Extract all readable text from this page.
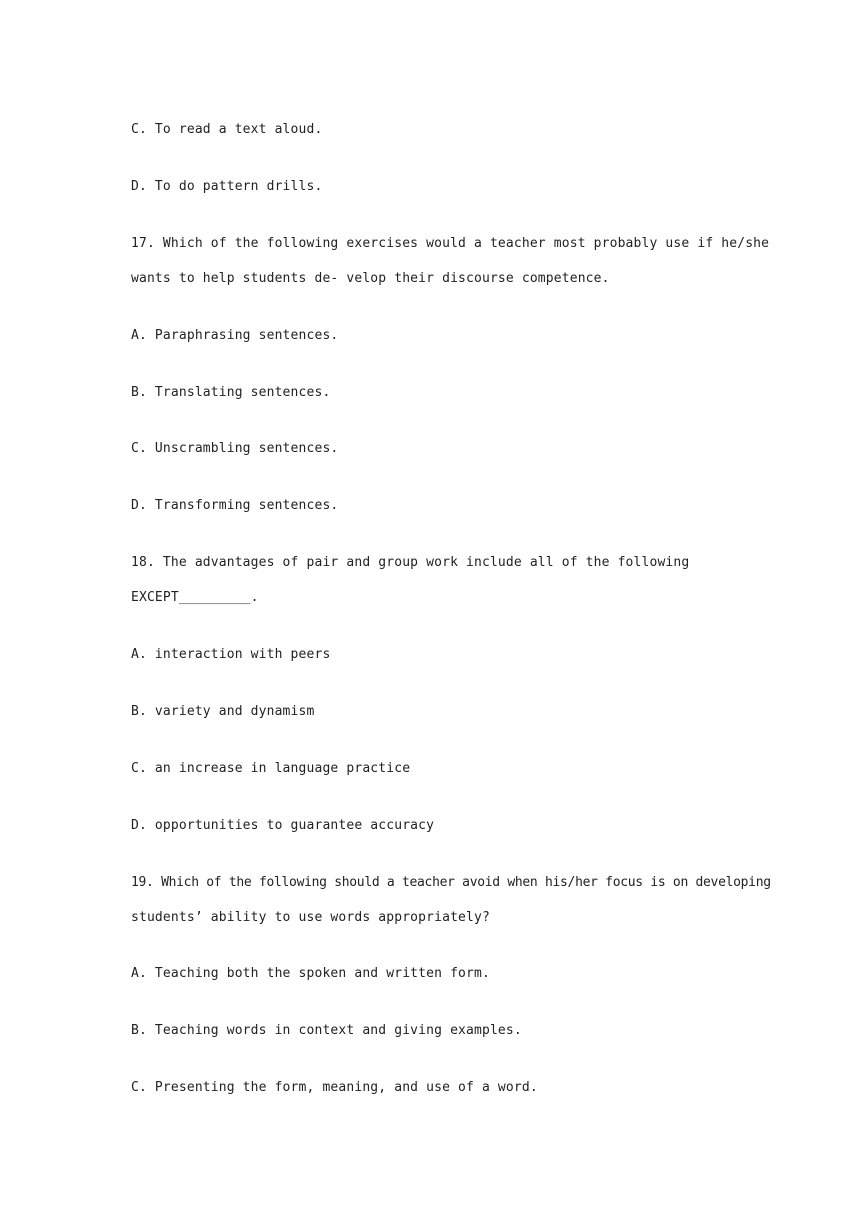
C. To read a text aloud.
D. To do pattern drills.
17. Which of the following exercises would a teacher most probably use if he/she
wants to help students de- velop their discourse competence.
A. Paraphrasing sentences.
B. Translating sentences.
C. Unscrambling sentences.
D. Transforming sentences.
18. The advantages of pair and group work include all of the following
EXCEPT_________.
A. interaction with peers
B. variety and dynamism
C. an increase in language practice
D. opportunities to guarantee accuracy
19. Which of the following should a teacher avoid when his/her focus is on developing
students’ ability to use words appropriately?
A. Teaching both the spoken and written form.
B. Teaching words in context and giving examples.
C. Presenting the form, meaning, and use of a word.
